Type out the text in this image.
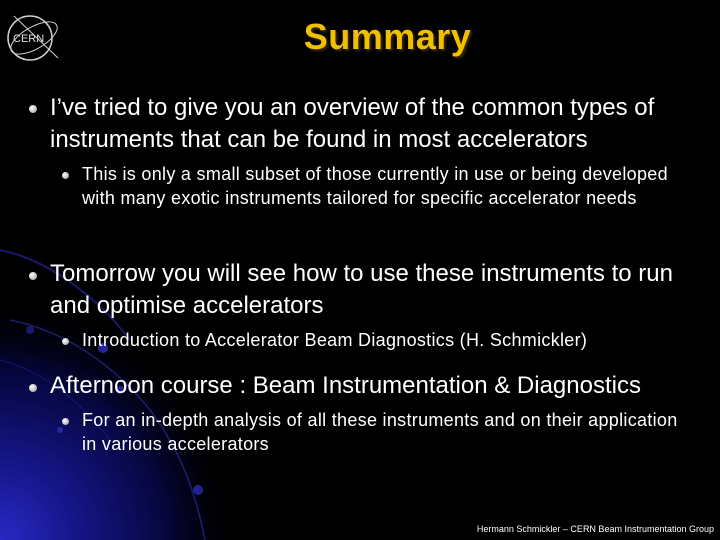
CERN	Summary
I’ve tried to give you an overview of the common types of instruments that can be found in most accelerators
This is only a small subset of those currently in use or being developed with many exotic instruments tailored for specific accelerator needs
Tomorrow you will see how to use these instruments to run and optimise accelerators
Introduction to Accelerator Beam Diagnostics (H. Schmickler)
Afternoon course : Beam Instrumentation & Diagnostics
For an in-depth analysis of all these instruments and on their application in various accelerators
Hermann Schmickler – CERN Beam Instrumentation Group
